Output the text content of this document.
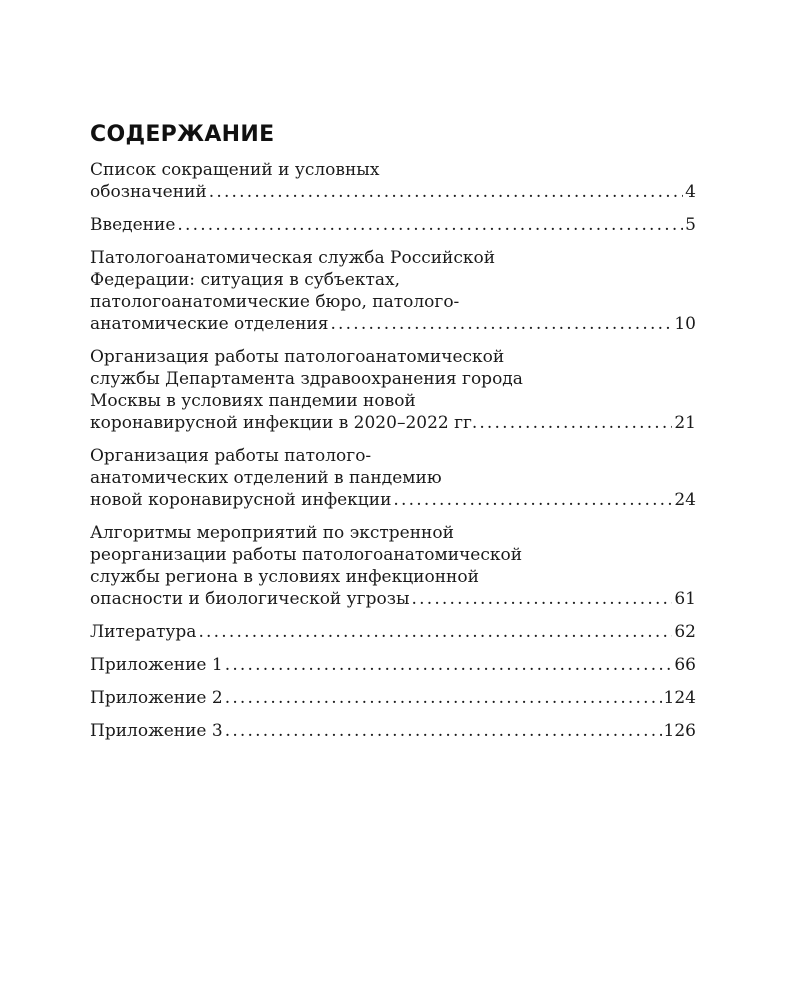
СОДЕРЖАНИЕ
Список сокращений и условных
обозначений . . .	4
Введение . . .	5
Патологоанатомическая служба Российской
Федерации: ситуация в субъектах,
патологоанатомические бюро, патолого-
анатомические отделения . . .	10
Организация работы патологоанатомической
службы Департамента здравоохранения города
Москвы в условиях пандемии новой
коронавирусной инфекции в 2020–2022 гг. . . .	21
Организация работы патолого-
анатомических отделений в пандемию
новой коронавирусной инфекции . . .	24
Алгоритмы мероприятий по экстренной
реорганизации работы патологоанатомической
службы региона в условиях инфекционной
опасности и биологической угрозы . . .	61
Литература . . .	62
Приложение 1 . . .	66
Приложение 2 . . .	124
Приложение 3 . . .	126
